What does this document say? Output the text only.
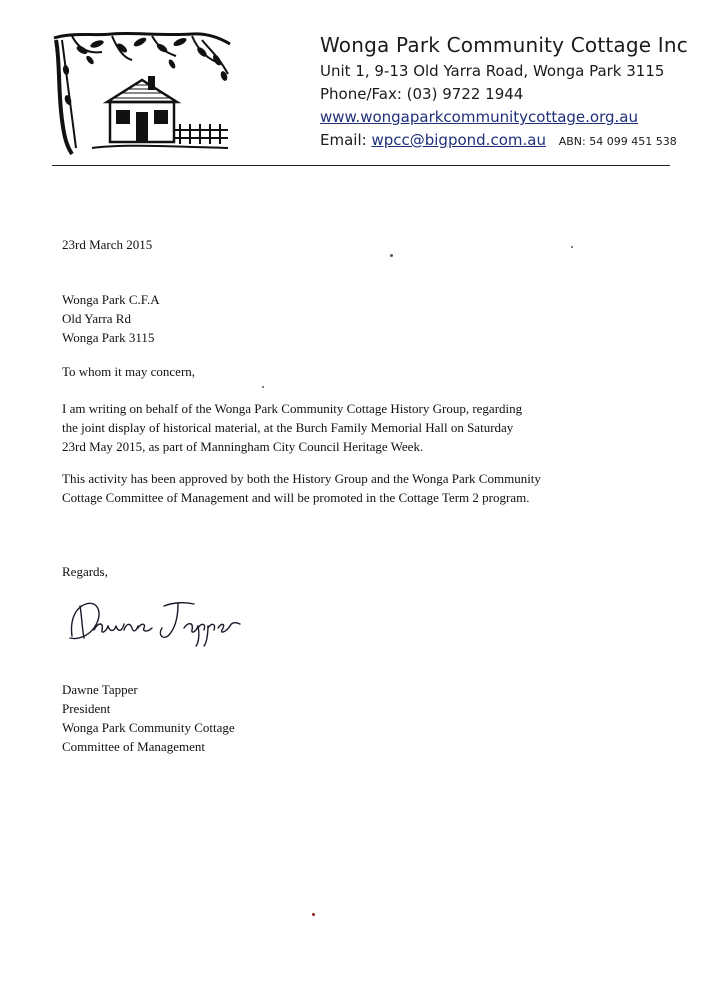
Wonga Park Community Cottage Inc
Unit 1, 9-13 Old Yarra Road, Wonga Park 3115
Phone/Fax: (03) 9722 1944
www.wongaparkcommunitycottage.org.au
Email: wpcc@bigpond.com.au ABN: 54 099 451 538
23rd March 2015
Wonga Park C.F.A
Old Yarra Rd
Wonga Park 3115
To whom it may concern,
I am writing on behalf of the Wonga Park Community Cottage History Group, regarding
the joint display of historical material, at the Burch Family Memorial Hall on Saturday
23rd May 2015, as part of Manningham City Council Heritage Week.
This activity has been approved by both the History Group and the Wonga Park Community
Cottage Committee of Management and will be promoted in the Cottage Term 2 program.
Regards,
Dawne Tapper
President
Wonga Park Community Cottage
Committee of Management
